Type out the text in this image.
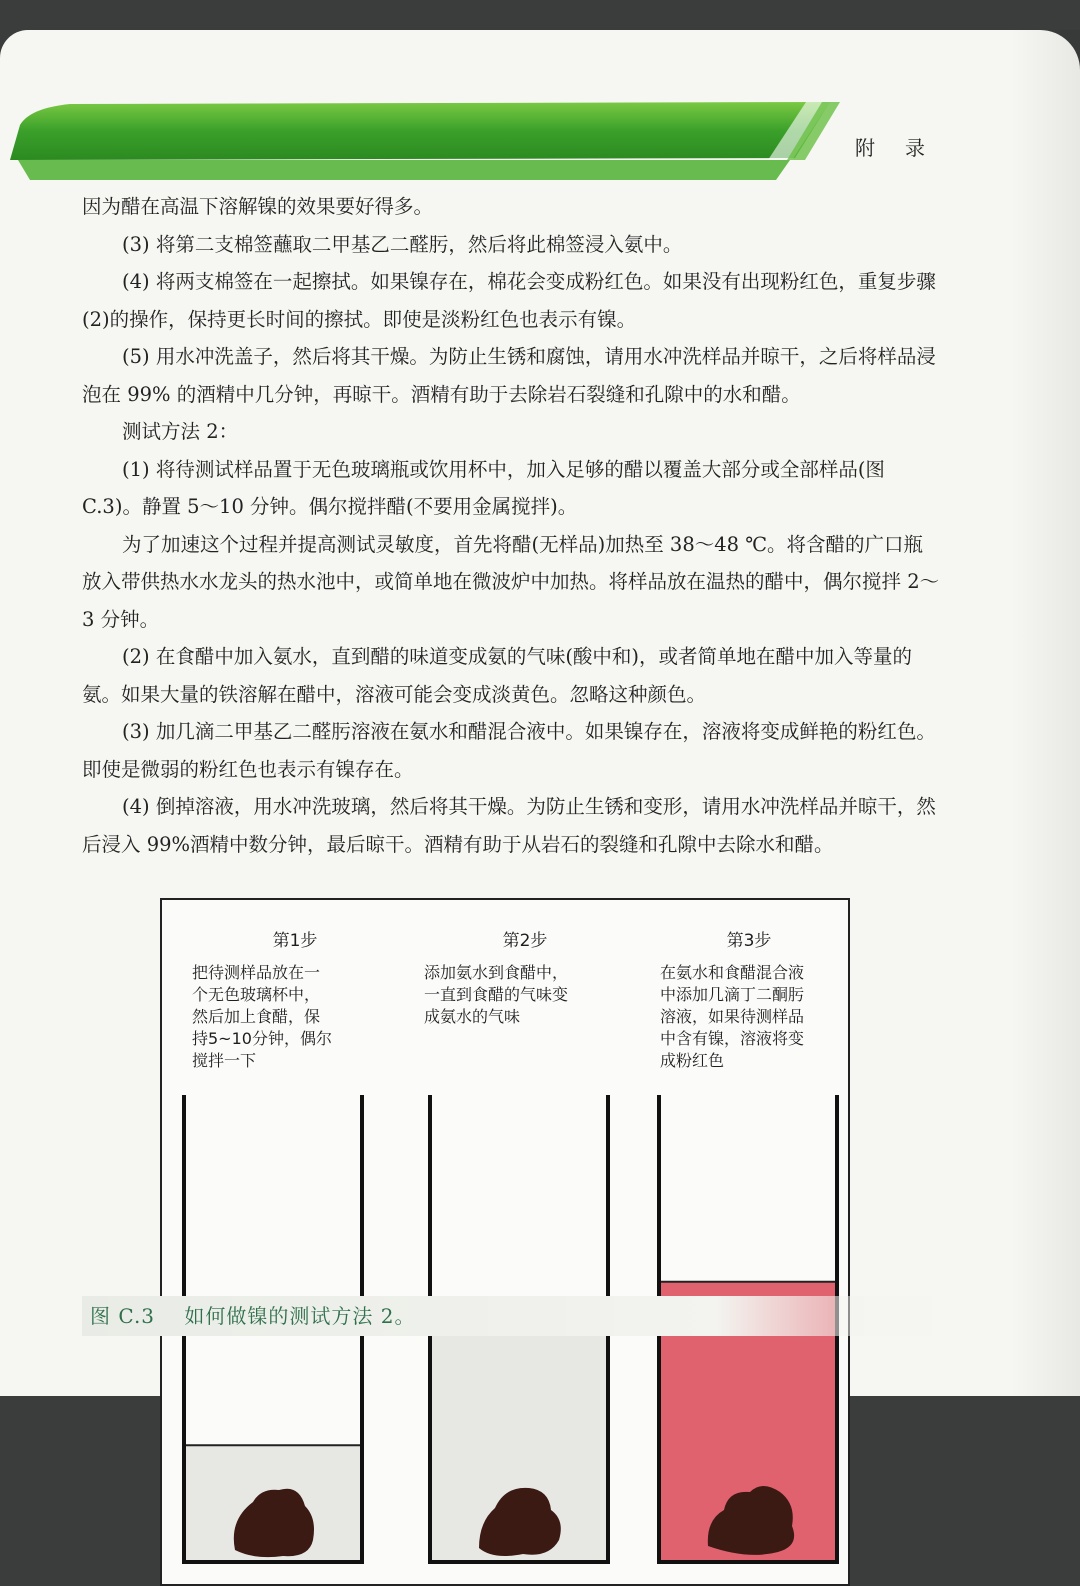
附录

因为醋在高温下溶解镍的效果要好得多。

(3) 将第二支棉签蘸取二甲基乙二醛肟，然后将此棉签浸入氨中。

(4) 将两支棉签在一起擦拭。如果镍存在，棉花会变成粉红色。如果没有出现粉红色，重复步骤(2)的操作，保持更长时间的擦拭。即使是淡粉红色也表示有镍。

(5) 用水冲洗盖子，然后将其干燥。为防止生锈和腐蚀，请用水冲洗样品并晾干，之后将样品浸泡在 99% 的酒精中几分钟，再晾干。酒精有助于去除岩石裂缝和孔隙中的水和醋。

测试方法 2：

(1) 将待测试样品置于无色玻璃瓶或饮用杯中，加入足够的醋以覆盖大部分或全部样品(图 C.3)。静置 5～10 分钟。偶尔搅拌醋(不要用金属搅拌)。

为了加速这个过程并提高测试灵敏度，首先将醋(无样品)加热至 38～48 ℃。将含醋的广口瓶放入带供热水水龙头的热水池中，或简单地在微波炉中加热。将样品放在温热的醋中，偶尔搅拌 2～3 分钟。

(2) 在食醋中加入氨水，直到醋的味道变成氨的气味(酸中和)，或者简单地在醋中加入等量的氨。如果大量的铁溶解在醋中，溶液可能会变成淡黄色。忽略这种颜色。

(3) 加几滴二甲基乙二醛肟溶液在氨水和醋混合液中。如果镍存在，溶液将变成鲜艳的粉红色。即使是微弱的粉红色也表示有镍存在。

(4) 倒掉溶液，用水冲洗玻璃，然后将其干燥。为防止生锈和变形，请用水冲洗样品并晾干，然后浸入 99%酒精中数分钟，最后晾干。酒精有助于从岩石的裂缝和孔隙中去除水和醋。

第1步
把待测样品放在一
个无色玻璃杯中，
然后加上食醋，保
持5~10分钟，偶尔
搅拌一下
第2步
添加氨水到食醋中，
一直到食醋的气味变
成氨水的气味
第3步
在氨水和食醋混合液
中添加几滴丁二酮肟
溶液，如果待测样品
中含有镍，溶液将变
成粉红色
图 C.3 如何做镍的测试方法 2。
